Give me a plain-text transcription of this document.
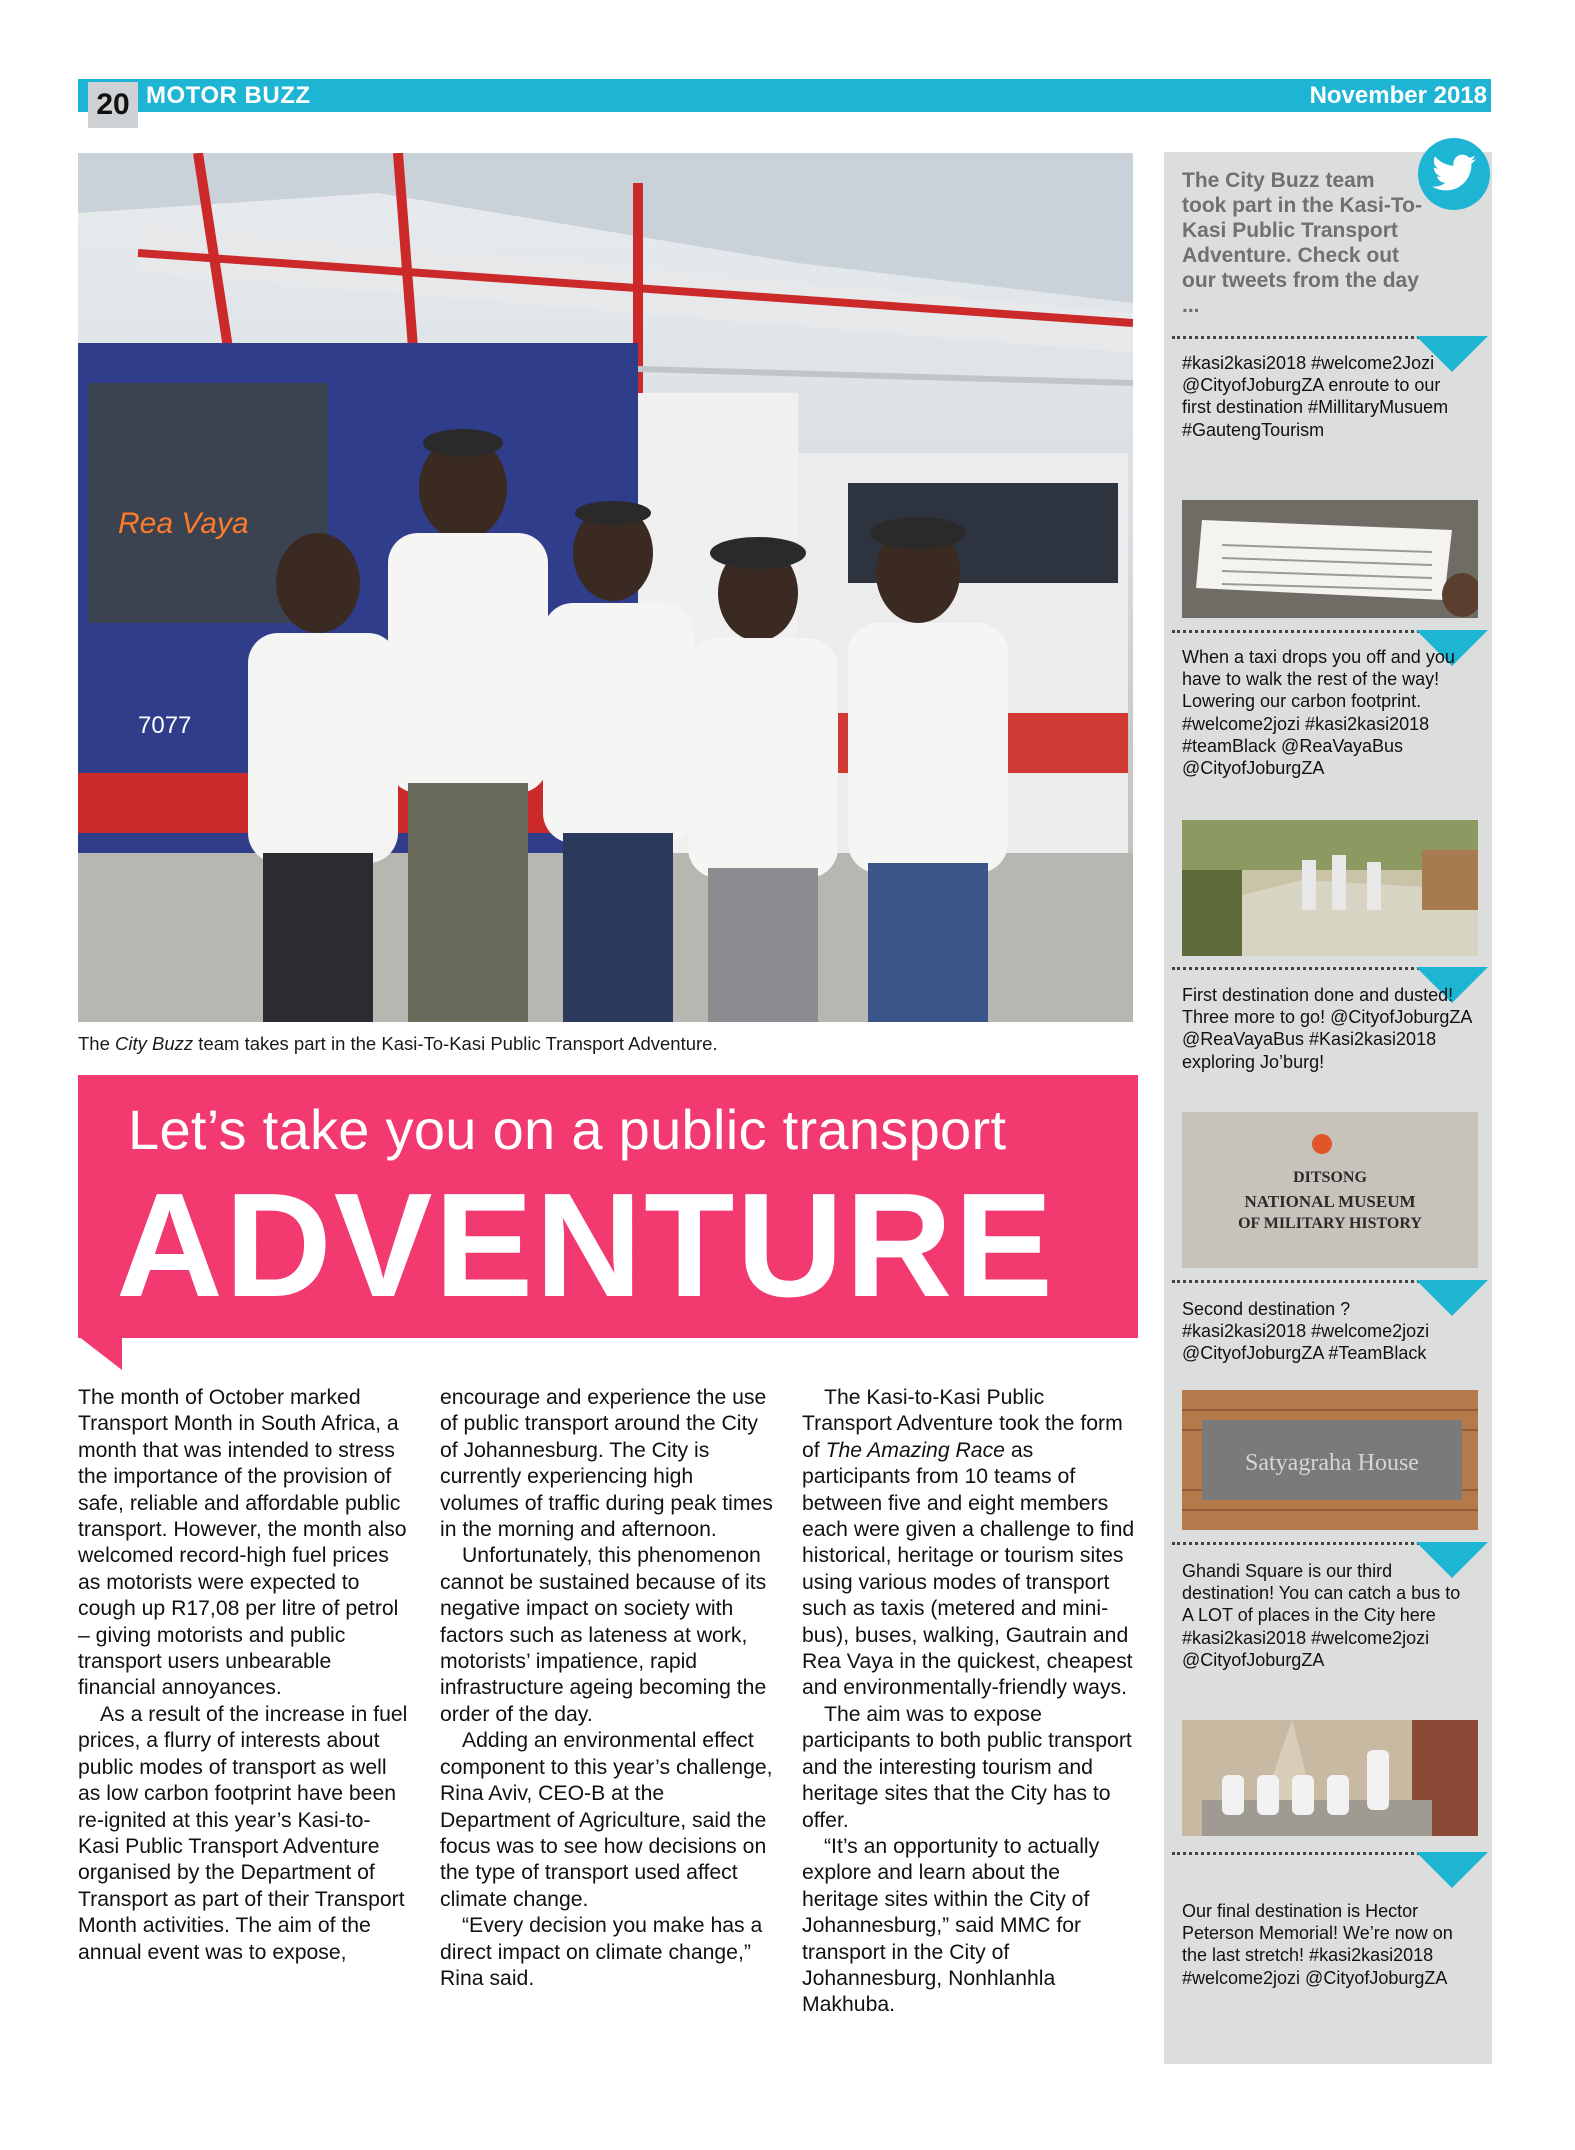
20 MOTOR BUZZ	November 2018
7077
Rea Vaya
The City Buzz team takes part in the Kasi-To-Kasi Public Transport Adventure.
Let’s take you on a public transport
ADVENTURE

The month of October marked Transport Month in South Africa, a month that was intended to stress the importance of the provision of safe, reliable and affordable public transport. However, the month also welcomed record-high fuel prices as motorists were expected to cough up R17,08 per litre of petrol – giving motorists and public transport users unbearable financial annoyances.

As a result of the increase in fuel prices, a flurry of interests about public modes of transport as well as low carbon footprint have been re-ignited at this year’s Kasi-to-Kasi Public Transport Adventure organised by the Department of Transport as part of their Transport Month activities. The aim of the annual event was to expose,

encourage and experience the use of public transport around the City of Johannesburg. The City is currently experiencing high volumes of traffic during peak times in the morning and afternoon.

Unfortunately, this phenomenon cannot be sustained because of its negative impact on society with factors such as lateness at work, motorists’ impatience, rapid infrastructure ageing becoming the order of the day.

Adding an environmental effect component to this year’s challenge, Rina Aviv, CEO-B at the Department of Agriculture, said the focus was to see how decisions on the type of transport used affect climate change.

“Every decision you make has a direct impact on climate change,” Rina said.

The Kasi-to-Kasi Public Transport Adventure took the form of The Amazing Race as participants from 10 teams of between five and eight members each were given a challenge to find historical, heritage or tourism sites using various modes of transport such as taxis (metered and mini-bus), buses, walking, Gautrain and Rea Vaya in the quickest, cheapest and environmentally-friendly ways.

The aim was to expose participants to both public transport and the interesting tourism and heritage sites that the City has to offer.

“It’s an opportunity to actually explore and learn about the heritage sites within the City of Johannesburg,” said MMC for transport in the City of Johannesburg, Nonhlanhla Makhuba.

The City Buzz team took part in the Kasi-To-Kasi Public Transport Adventure. Check out our tweets from the day ...
#kasi2kasi2018 #welcome2Jozi @CityofJoburgZA enroute to our first destination #MillitaryMusuem #GautengTourism
When a taxi drops you off and you have to walk the rest of the way! Lowering our carbon footprint. #welcome2jozi #kasi2kasi2018 #teamBlack @ReaVayaBus @CityofJoburgZA
First destination done and dusted! Three more to go! @CityofJoburgZA @ReaVayaBus #Kasi2kasi2018 exploring Jo’burg!
DITSONG
NATIONAL MUSEUM
OF MILITARY HISTORY
Second destination ? #kasi2kasi2018 #welcome2jozi @CityofJoburgZA #TeamBlack
Satyagraha House
Ghandi Square is our third destination! You can catch a bus to A LOT of places in the City here #kasi2kasi2018 #welcome2jozi @CityofJoburgZA
Our final destination is Hector Peterson Memorial! We’re now on the last stretch! #kasi2kasi2018 #welcome2jozi @CityofJoburgZA
